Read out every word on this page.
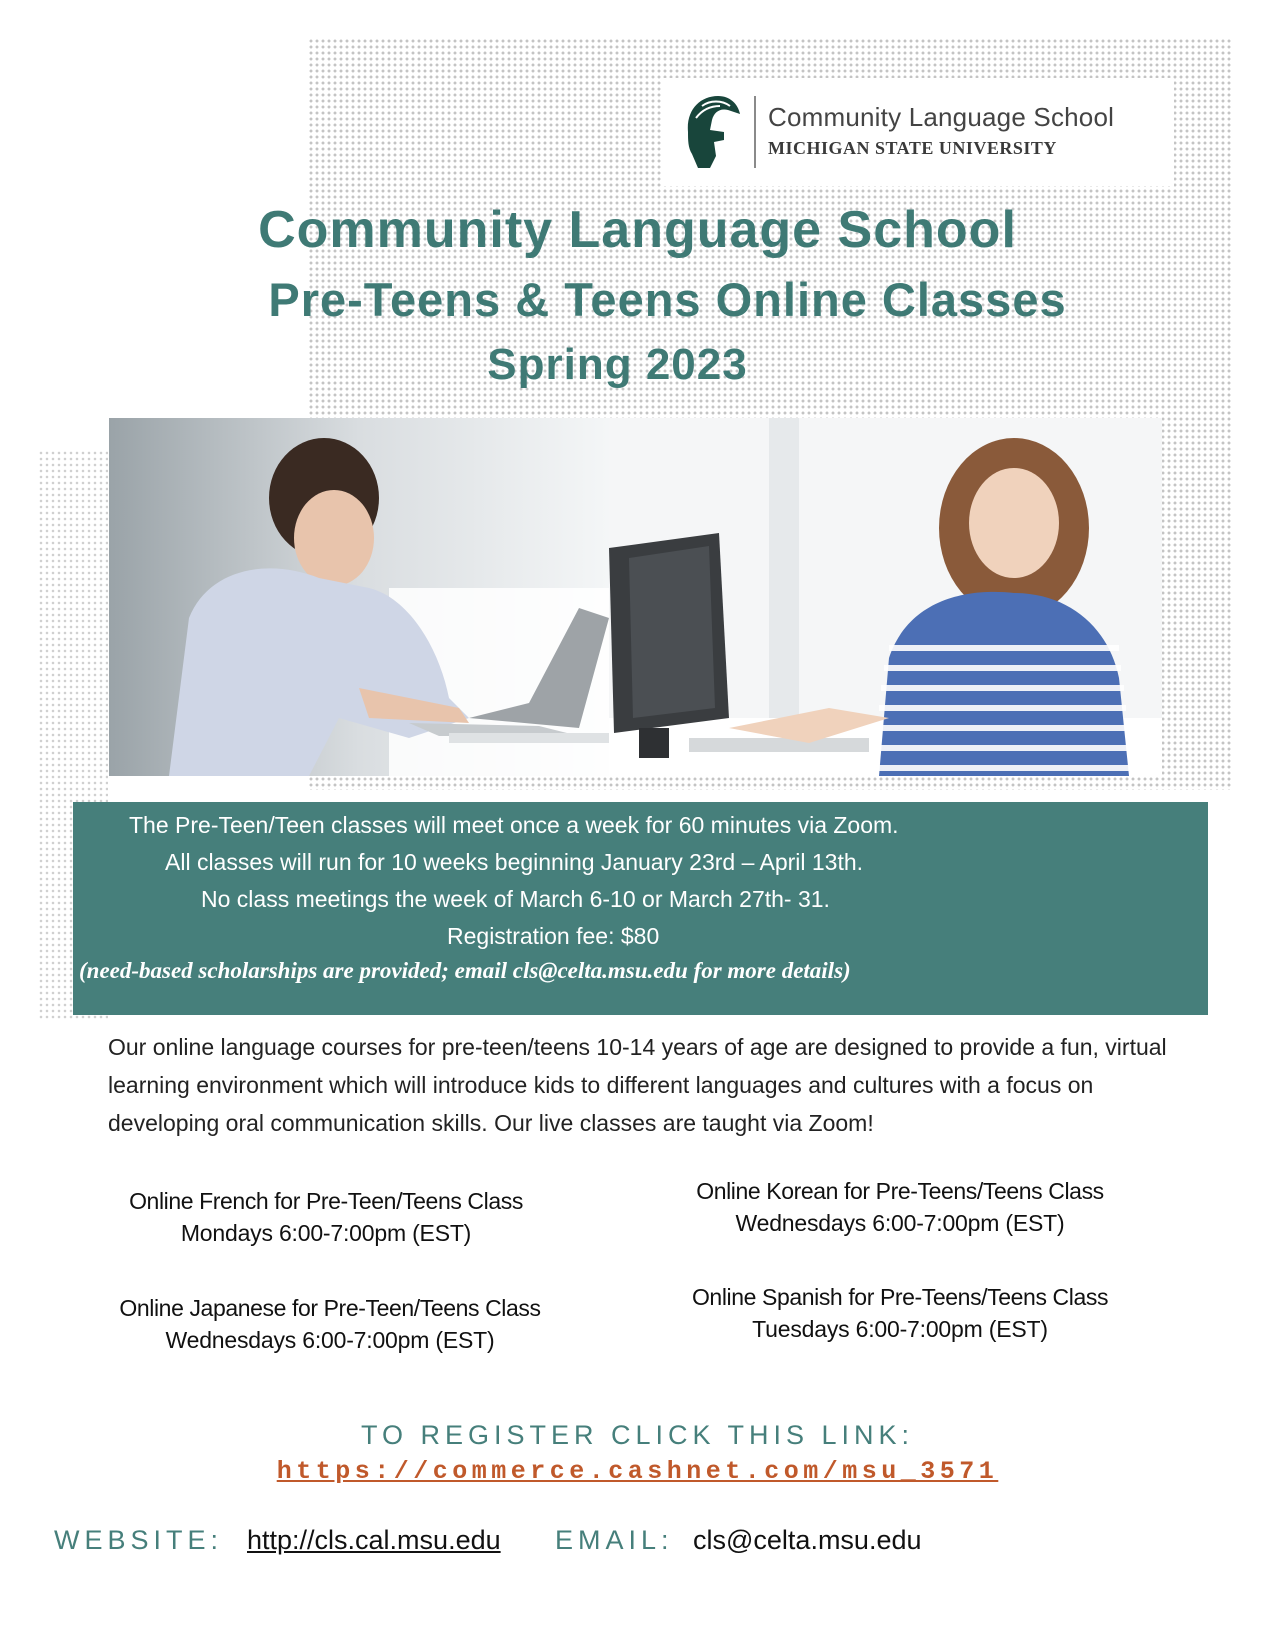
Community Language School
MICHIGAN STATE UNIVERSITY
Community Language School
Pre-Teens & Teens Online Classes
Spring 2023
The Pre-Teen/Teen classes will meet once a week for 60 minutes via Zoom.
All classes will run for 10 weeks beginning January 23rd – April 13th.
No class meetings the week of March 6-10 or March 27th- 31.
Registration fee: $80
(need-based scholarships are provided; email cls@celta.msu.edu for more details)
Our online language courses for pre-teen/teens 10-14 years of age are designed to provide a fun, virtual learning environment which will introduce kids to different languages and cultures with a focus on developing oral communication skills. Our live classes are taught via Zoom!
Online French for Pre-Teen/Teens Class
Mondays 6:00-7:00pm (EST)
Online Japanese for Pre-Teen/Teens Class
Wednesdays 6:00-7:00pm (EST)
Online Korean for Pre-Teens/Teens Class
Wednesdays 6:00-7:00pm (EST)
Online Spanish for Pre-Teens/Teens Class
Tuesdays 6:00-7:00pm (EST)
TO REGISTER CLICK THIS LINK:
https://commerce.cashnet.com/msu_3571
WEBSITE: http://cls.cal.msu.edu EMAIL: cls@celta.msu.edu
